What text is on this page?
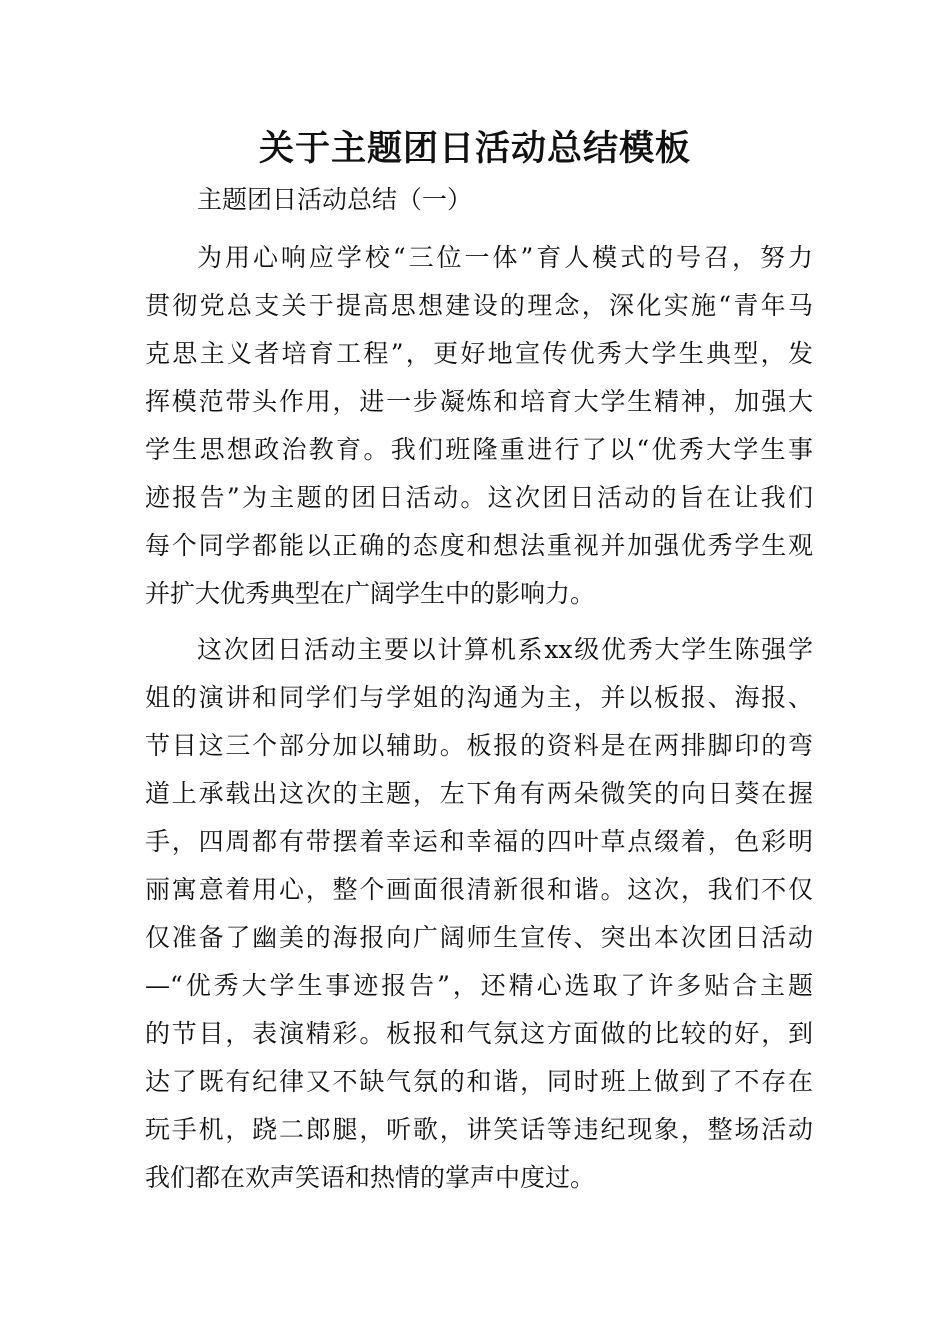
关于主题团日活动总结模板

主题团日活动总结（一）

为用心响应学校“三位一体”育人模式的号召，努力
贯彻党总支关于提高思想建设的理念，深化实施“青年马
克思主义者培育工程”，更好地宣传优秀大学生典型，发
挥模范带头作用，进一步凝炼和培育大学生精神，加强大
学生思想政治教育。我们班隆重进行了以“优秀大学生事
迹报告”为主题的团日活动。这次团日活动的旨在让我们
每个同学都能以正确的态度和想法重视并加强优秀学生观
并扩大优秀典型在广阔学生中的影响力。
这次团日活动主要以计算机系xx级优秀大学生陈强学
姐的演讲和同学们与学姐的沟通为主，并以板报、海报、
节目这三个部分加以辅助。板报的资料是在两排脚印的弯
道上承载出这次的主题，左下角有两朵微笑的向日葵在握
手，四周都有带摆着幸运和幸福的四叶草点缀着，色彩明
丽寓意着用心，整个画面很清新很和谐。这次，我们不仅
仅准备了幽美的海报向广阔师生宣传、突出本次团日活动
—“优秀大学生事迹报告”，还精心选取了许多贴合主题
的节目，表演精彩。板报和气氛这方面做的比较的好，到
达了既有纪律又不缺气氛的和谐，同时班上做到了不存在
玩手机，跷二郎腿，听歌，讲笑话等违纪现象，整场活动
我们都在欢声笑语和热情的掌声中度过。
